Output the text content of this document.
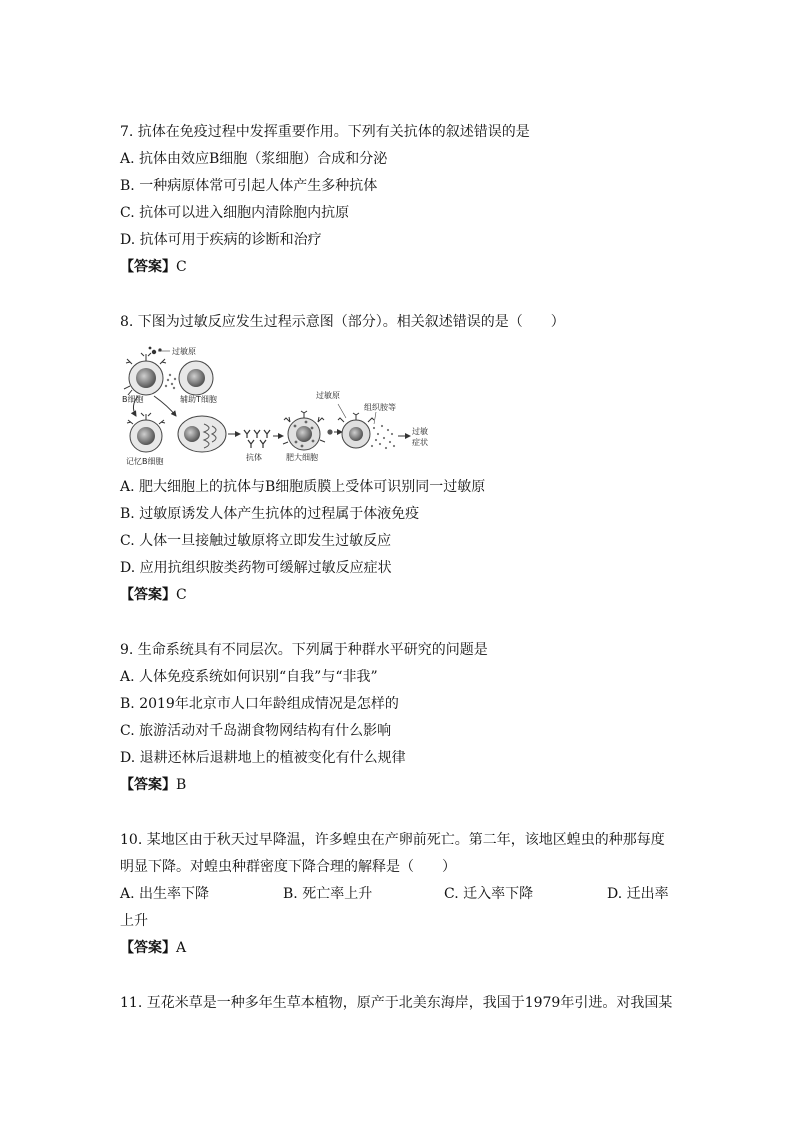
7. 抗体在免疫过程中发挥重要作用。下列有关抗体的叙述错误的是
A. 抗体由效应B细胞（浆细胞）合成和分泌
B. 一种病原体常可引起人体产生多种抗体
C. 抗体可以进入细胞内清除胞内抗原
D. 抗体可用于疾病的诊断和治疗
【答案】C
8. 下图为过敏反应发生过程示意图（部分）。相关叙述错误的是（　　）
过敏原
B细胞	辅助T细胞
记忆B细胞	抗体	肥大细胞
过敏原
组织胺等
过敏
症状
A. 肥大细胞上的抗体与B细胞质膜上受体可识别同一过敏原
B. 过敏原诱发人体产生抗体的过程属于体液免疫
C. 人体一旦接触过敏原将立即发生过敏反应
D. 应用抗组织胺类药物可缓解过敏反应症状
【答案】C
9. 生命系统具有不同层次。下列属于种群水平研究的问题是
A. 人体免疫系统如何识别“自我”与“非我”
B. 2019年北京市人口年龄组成情况是怎样的
C. 旅游活动对千岛湖食物网结构有什么影响
D. 退耕还林后退耕地上的植被变化有什么规律
【答案】B
10. 某地区由于秋天过早降温，许多蝗虫在产卵前死亡。第二年，该地区蝗虫的种那每度
明显下降。对蝗虫种群密度下降合理的解释是（　　）
A. 出生率下降	B. 死亡率上升	C. 迁入率下降	D. 迁出率
上升
【答案】A
11. 互花米草是一种多年生草本植物，原产于北美东海岸，我国于1979年引进。对我国某
